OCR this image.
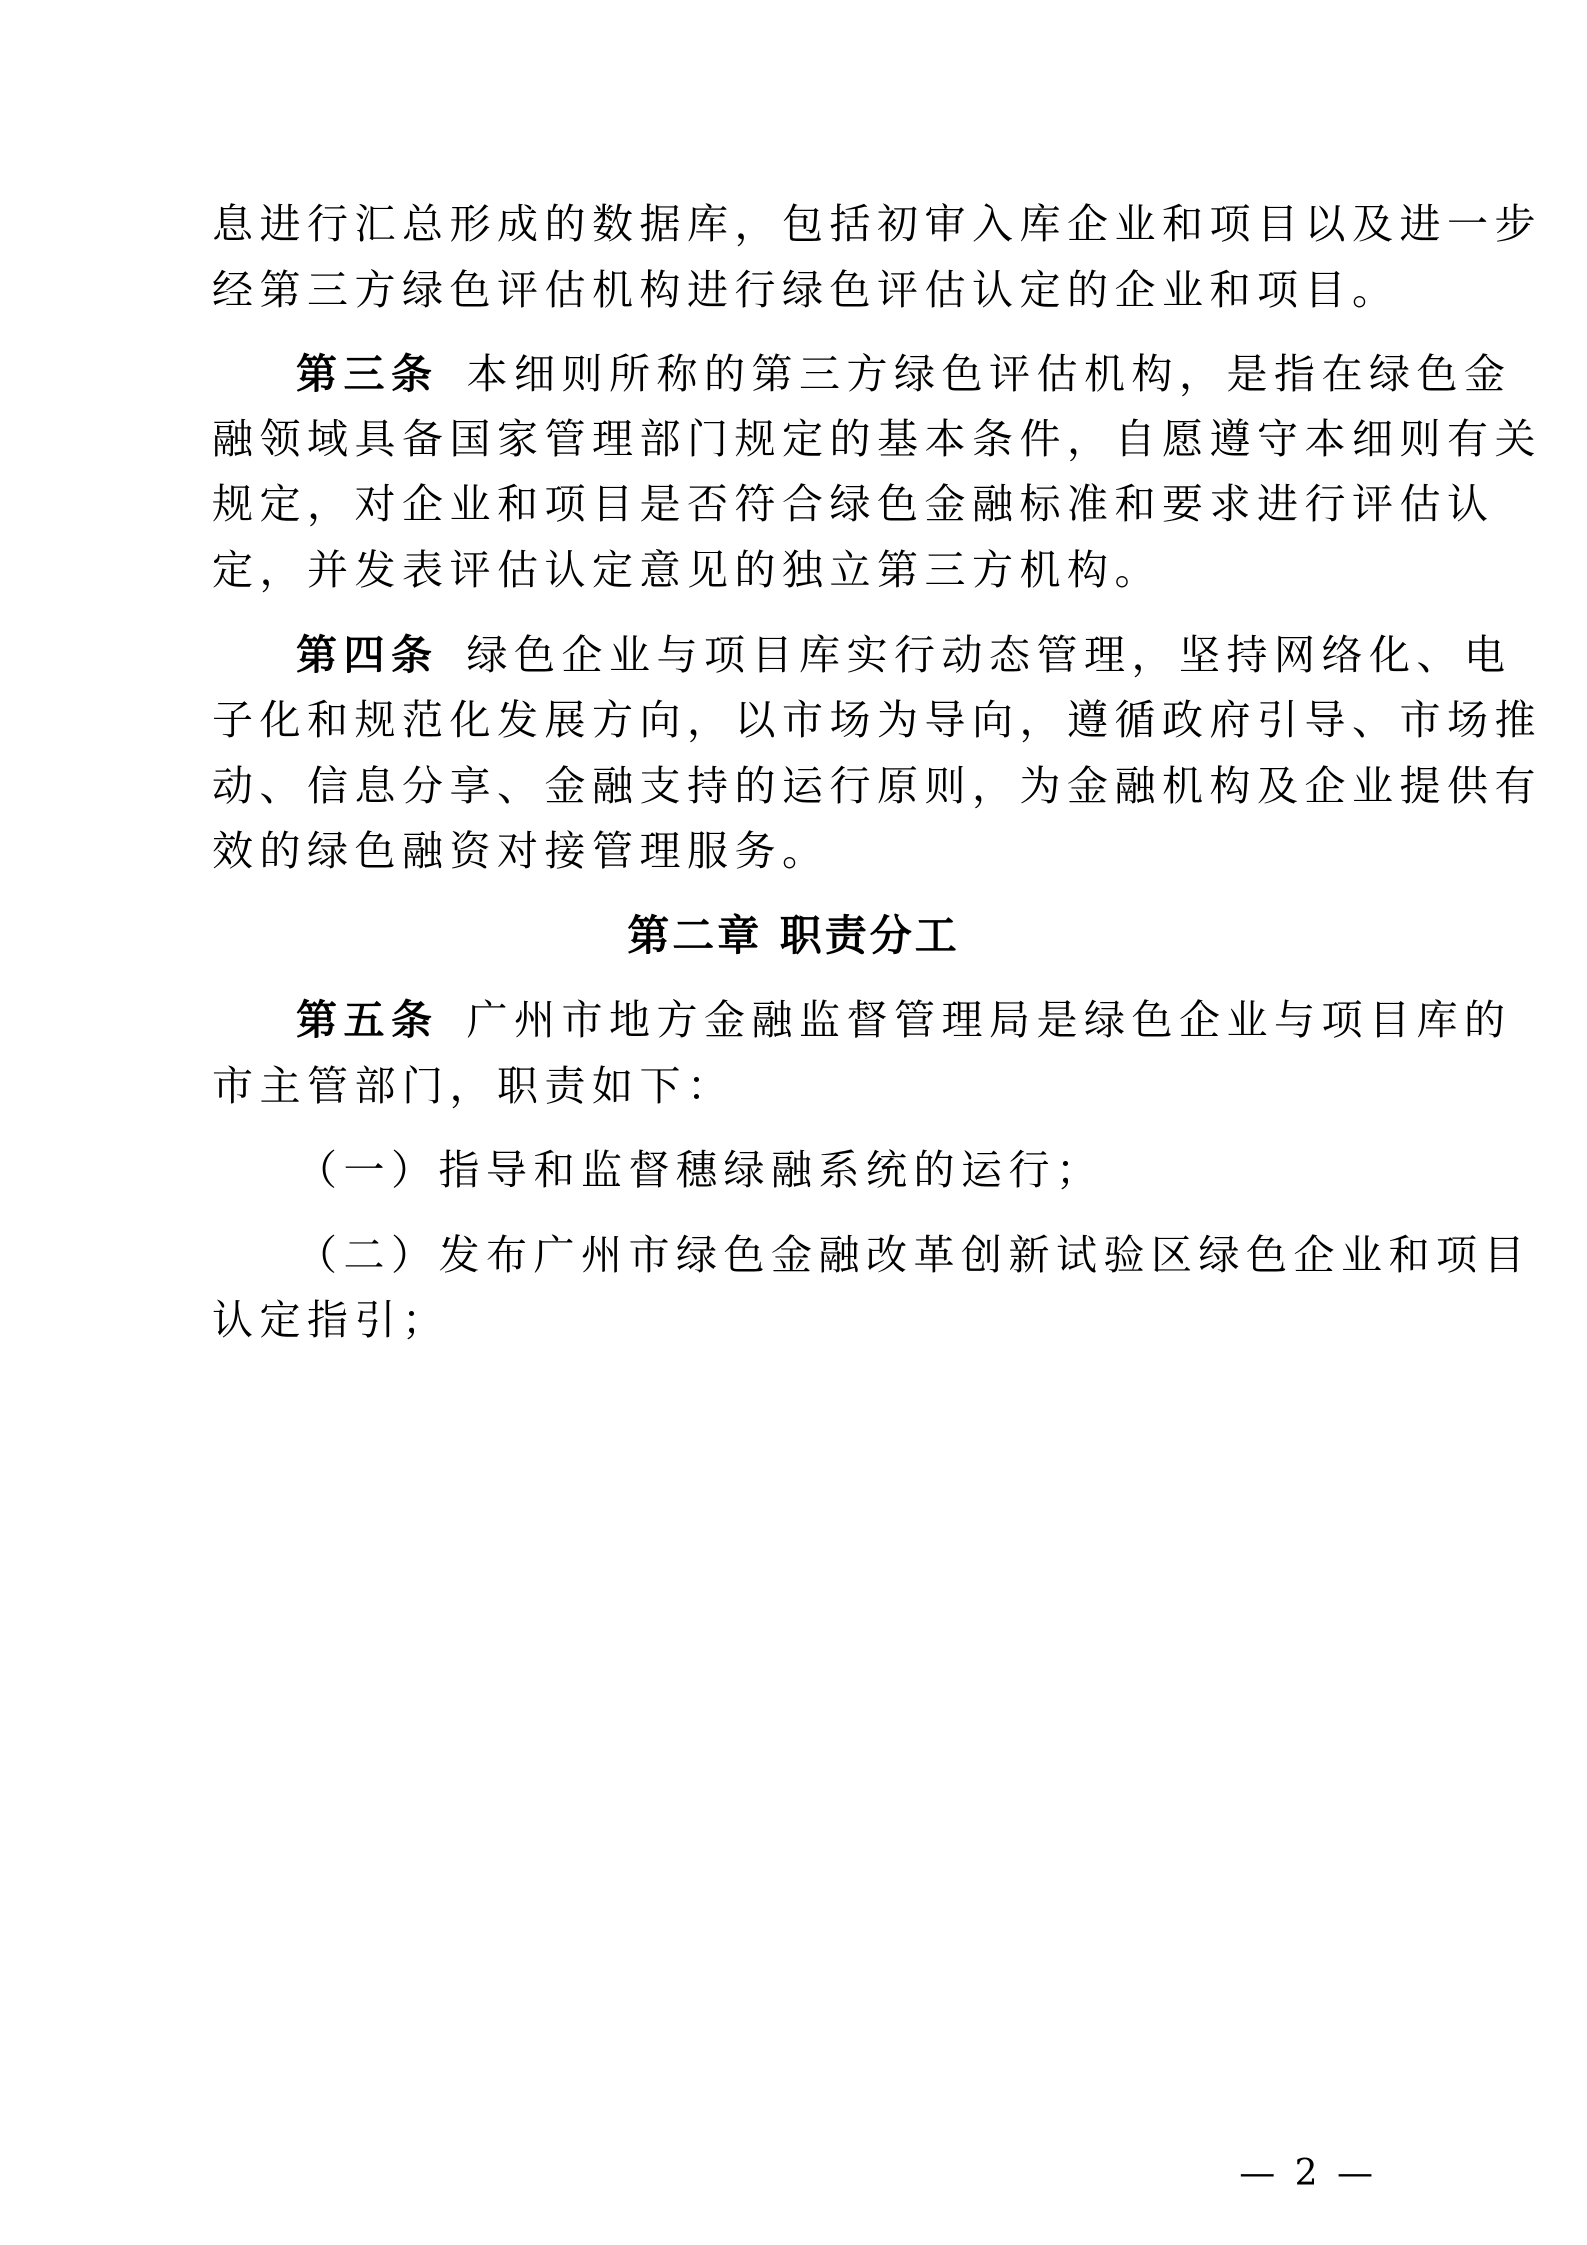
息进行汇总形成的数据库，包括初审入库企业和项目以及进一步
经第三方绿色评估机构进行绿色评估认定的企业和项目。
第三条 本细则所称的第三方绿色评估机构，是指在绿色金
融领域具备国家管理部门规定的基本条件，自愿遵守本细则有关
规定，对企业和项目是否符合绿色金融标准和要求进行评估认
定，并发表评估认定意见的独立第三方机构。
第四条 绿色企业与项目库实行动态管理，坚持网络化、电
子化和规范化发展方向，以市场为导向，遵循政府引导、市场推
动、信息分享、金融支持的运行原则，为金融机构及企业提供有
效的绿色融资对接管理服务。
第二章 职责分工
第五条 广州市地方金融监督管理局是绿色企业与项目库的
市主管部门，职责如下：
（一）指导和监督穗绿融系统的运行；
（二）发布广州市绿色金融改革创新试验区绿色企业和项目
认定指引；
— 2 —
